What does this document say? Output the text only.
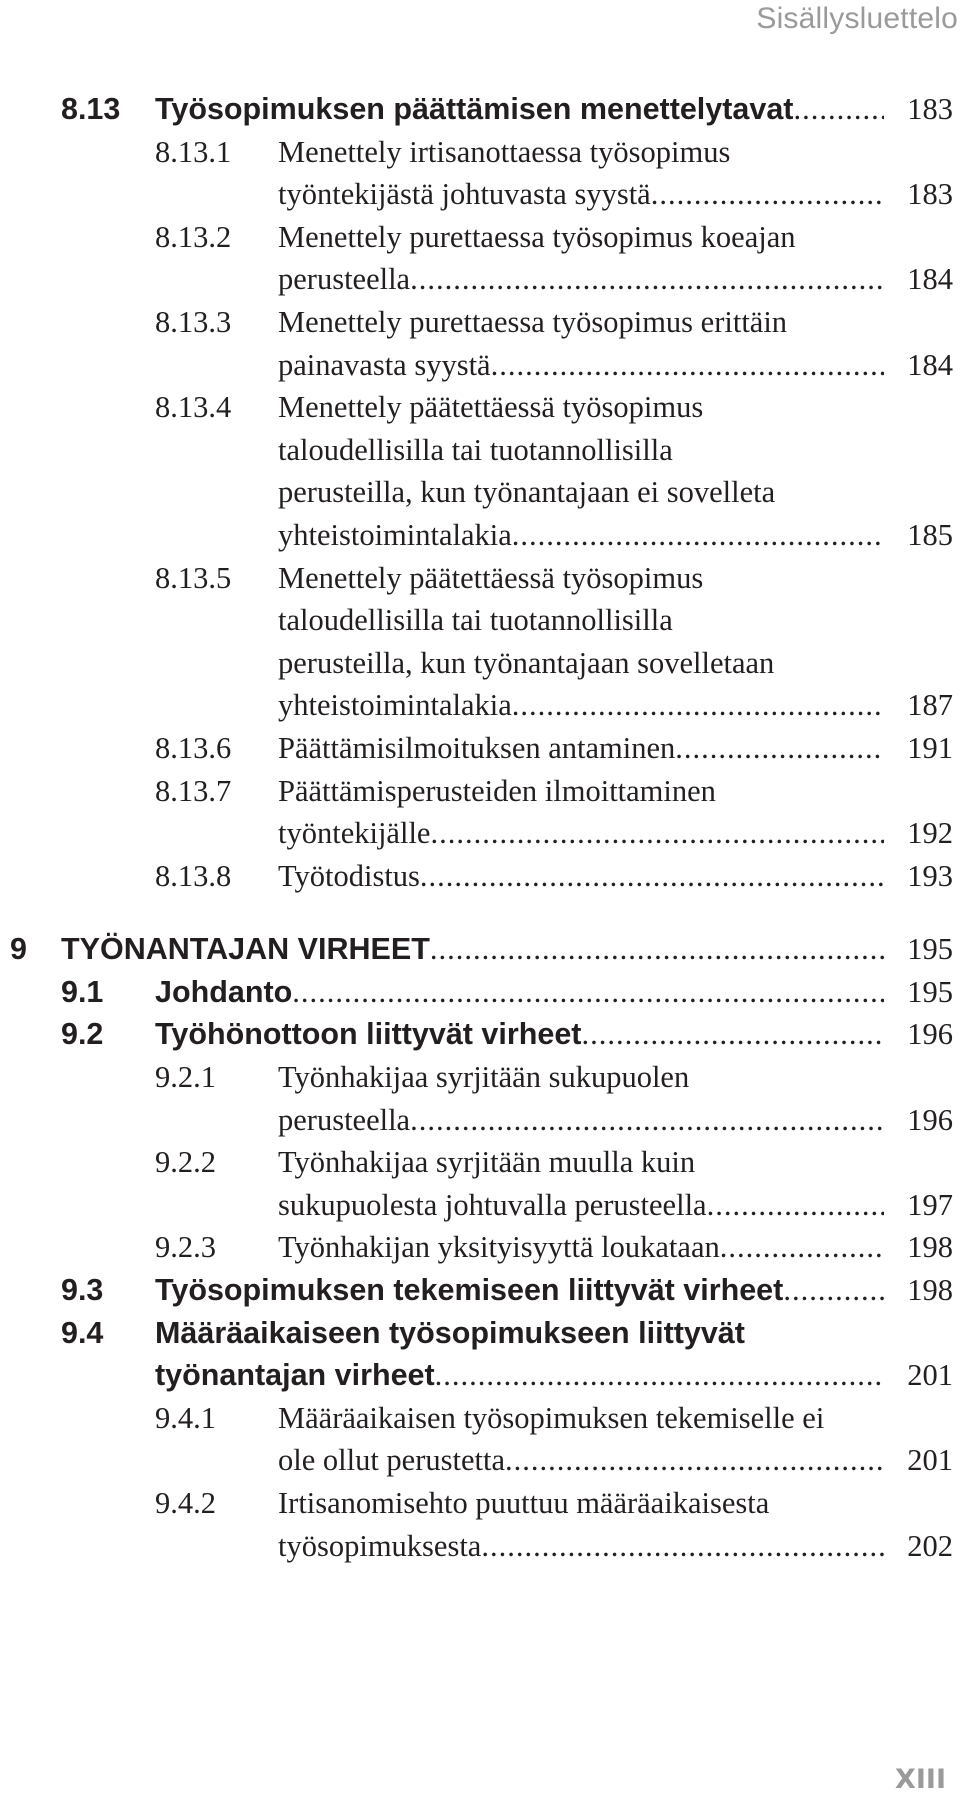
Sisällysluettelo
8.13 Työsopimuksen päättämisen menettelytavat .....	183
8.13.1 Menettely irtisanottaessa työsopimus
työntekijästä johtuvasta syystä .....	183
8.13.2 Menettely purettaessa työsopimus koeajan
perusteella .....	184
8.13.3 Menettely purettaessa työsopimus erittäin
painavasta syystä .....	184
8.13.4 Menettely päätettäessä työsopimus
taloudellisilla tai tuotannollisilla
perusteilla, kun työnantajaan ei sovelleta
yhteistoimintalakia .....	185
8.13.5 Menettely päätettäessä työsopimus
taloudellisilla tai tuotannollisilla
perusteilla, kun työnantajaan sovelletaan
yhteistoimintalakia .....	187
8.13.6 Päättämisilmoituksen antaminen .....	191
8.13.7 Päättämisperusteiden ilmoittaminen
työntekijälle .....	192
8.13.8 Työtodistus .....	193
9 TYÖNANTAJAN VIRHEET .....	195
9.1 Johdanto .....	195
9.2 Työhönottoon liittyvät virheet .....	196
9.2.1 Työnhakijaa syrjitään sukupuolen
perusteella .....	196
9.2.2 Työnhakijaa syrjitään muulla kuin
sukupuolesta johtuvalla perusteella .....	197
9.2.3 Työnhakijan yksityisyyttä loukataan .....	198
9.3 Työsopimuksen tekemiseen liittyvät virheet .....	198
9.4 Määräaikaiseen työsopimukseen liittyvät
työnantajan virheet .....	201
9.4.1 Määräaikaisen työsopimuksen tekemiselle ei
ole ollut perustetta .....	201
9.4.2 Irtisanomisehto puuttuu määräaikaisesta
työsopimuksesta .....	202
XIII
